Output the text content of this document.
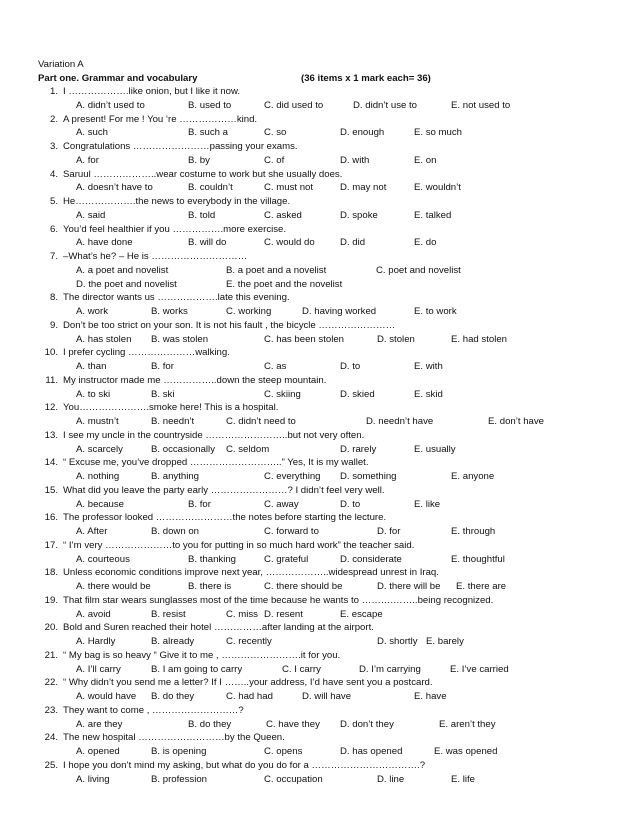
Variation A
Part one. Grammar and vocabulary	(36 items x 1 mark each= 36)
1. I ……………….like onion, but I like it now.
A. didn’t used to	B. used to	C. did used to	D. didn’t use to	E. not used to
2. A present! For me ! You ‘re ………………kind.
A. such	B. such a	C. so	D. enough	E. so much
3. Congratulations ……………………passing your exams.
A. for	B. by	C. of	D. with	E. on
4. Saruul ………………..wear costume to work but she usually does.
A. doesn’t have to	B. couldn’t	C. must not	D. may not	E. wouldn’t
5. He……………….the news to everybody in the village.
A. said	B. told	C. asked	D. spoke	E. talked
6. You’d feel healthier if you …………….more exercise.
A. have done	B. will do	C. would do	D. did	E. do
7. –What’s he? – He is …………………………
A. a poet and novelist	B. a poet and a novelist	C. poet and novelist
D. the poet and novelist	E. the poet and the novelist
8. The director wants us ……………….late this evening.
A. work	B. works	C. working	D. having worked	E. to work
9. Don’t be too strict on your son. It is not his fault , the bicycle ……………………
A. has stolen B. was stolen	C. has been stolen	D. stolen	E. had stolen
10. I prefer cycling …………………walking.
A. than	B. for	C. as	D. to	E. with
11. My instructor made me ……………..down the steep mountain.
A. to ski	B. ski	C. skiing	D. skied	E. skid
12. You………………….smoke here! This is a hospital.
A. mustn’t	B. needn’t	C. didn’t need to	D. needn’t have	E. don’t have
13. I see my uncle in the countryside ……………………..but not very often.
A. scarcely	B. occasionally C. seldom	D. rarely	E. usually
14. “ Excuse me, you’ve dropped ………………………..” Yes, It is my wallet.
A. nothing	B. anything	C. everything D. something	E. anyone
15. What did you leave the party early ……………………? I didn’t feel very well.
A. because	B. for	C. away	D. to	E. like
16. The professor looked ……………………the notes before starting the lecture.
A. After	B. down on	C. forward to	D. for	E. through
17. “ I’m very …………………to you for putting in so much hard work” the teacher said.
A. courteous	B. thanking	C. grateful	D. considerate	E. thoughtful
18. Unless economic conditions improve next year, ………………..widespread unrest in Iraq.
A. there would be	B. there is	C. there should be	D. there will be E. there are
19. That film star wears sunglasses most of the time because he wants to ……….……..being recognized.
A. avoid	B. resist	C. miss D. resent	E. escape
20. Bold and Suren reached their hotel ……………after landing at the airport.
A. Hardly	B. already	C. recently	D. shortly E. barely
21. “ My bag is so heavy “ Give it to me , …………………….it for you.
A. I’ll carry	B. I am going to carry	C. I carry	D. I’m carrying	E. I’ve carried
22. “ Why didn’t you send me a letter? If I ……..your address, I’d have sent you a postcard.
A. would have B. do they	C. had had	D. will have	E. have
23. They want to come , ………………………?
A. are they	B. do they	C. have they D. don’t they	E. aren’t they
24. The new hospital ………………………by the Queen.
A. opened	B. is opening	C. opens	D. has opened	E. was opened
25. I hope you don’t mind my asking, but what do you do for a …………………………….?
A. living	B. profession	C. occupation	D. line	E. life
